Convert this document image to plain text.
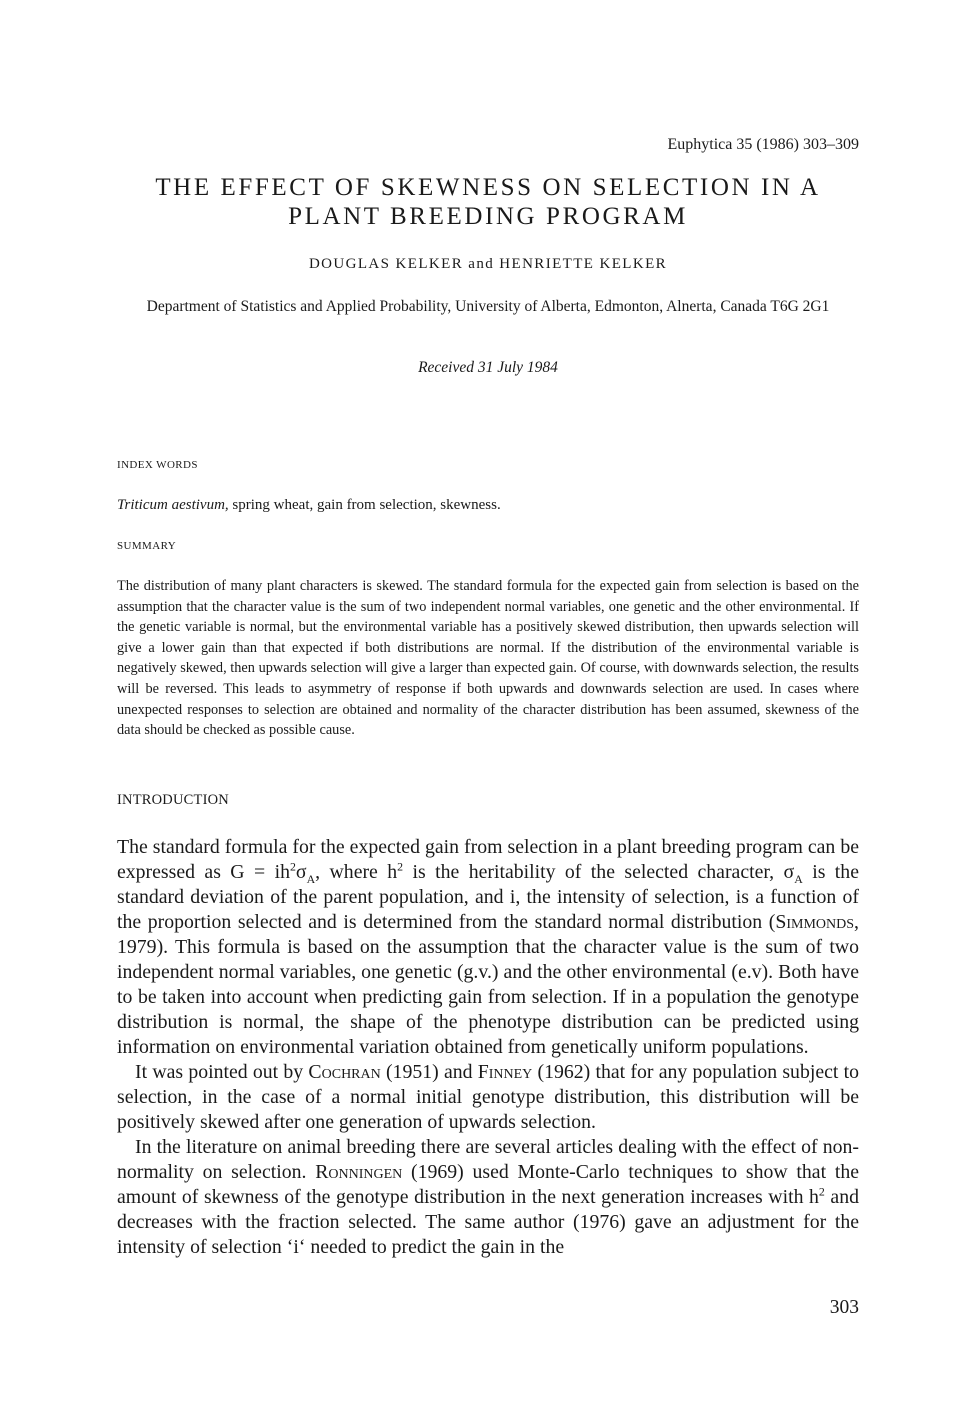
Euphytica 35 (1986) 303–309
THE EFFECT OF SKEWNESS ON SELECTION IN A PLANT BREEDING PROGRAM
DOUGLAS KELKER and HENRIETTE KELKER
Department of Statistics and Applied Probability, University of Alberta, Edmonton, Alnerta, Canada T6G 2G1
Received 31 July 1984
INDEX WORDS
Triticum aestivum, spring wheat, gain from selection, skewness.
SUMMARY
The distribution of many plant characters is skewed. The standard formula for the expected gain from selection is based on the assumption that the character value is the sum of two independent normal variables, one genetic and the other environmental. If the genetic variable is normal, but the environmental variable has a positively skewed distribution, then upwards selection will give a lower gain than that expected if both distributions are normal. If the distribution of the environmental variable is negatively skewed, then upwards selection will give a larger than expected gain. Of course, with downwards selection, the results will be reversed. This leads to asymmetry of response if both upwards and downwards selection are used. In cases where unexpected responses to selection are obtained and normality of the character distribution has been assumed, skewness of the data should be checked as possible cause.
INTRODUCTION

The standard formula for the expected gain from selection in a plant breeding program can be expressed as $G = ih^2\sigma_A$, where $h^2$ is the heritability of the selected character, $\sigma_A$ is the standard deviation of the parent population, and i, the intensity of selection, is a function of the proportion selected and is determined from the standard normal distribution (Simmonds, 1979). This formula is based on the assumption that the character value is the sum of two independent normal variables, one genetic (g.v.) and the other environmental (e.v). Both have to be taken into account when predicting gain from selection. If in a population the genotype distribution is normal, the shape of the phenotype distribution can be predicted using information on environmental variation obtained from genetically uniform populations.

It was pointed out by Cochran (1951) and Finney (1962) that for any population subject to selection, in the case of a normal initial genotype distribution, this distribution will be positively skewed after one generation of upwards selection.

In the literature on animal breeding there are several articles dealing with the effect of non-normality on selection. Ronningen (1969) used Monte-Carlo techniques to show that the amount of skewness of the genotype distribution in the next generation increases with $h^2$ and decreases with the fraction selected. The same author (1976) gave an adjustment for the intensity of selection ‘i‘ needed to predict the gain in the

303
